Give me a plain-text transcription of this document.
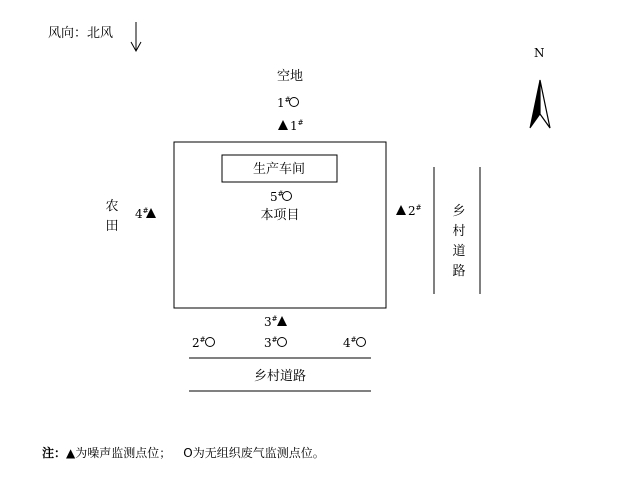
风向：北风
N
空地
1#
1#
生产车间
5#
本项目
农
田
4#	2# 乡
村
道
路
3#
2#	3#	4#
乡村道路
注：▲为噪声监测点位； O为无组织废气监测点位。
